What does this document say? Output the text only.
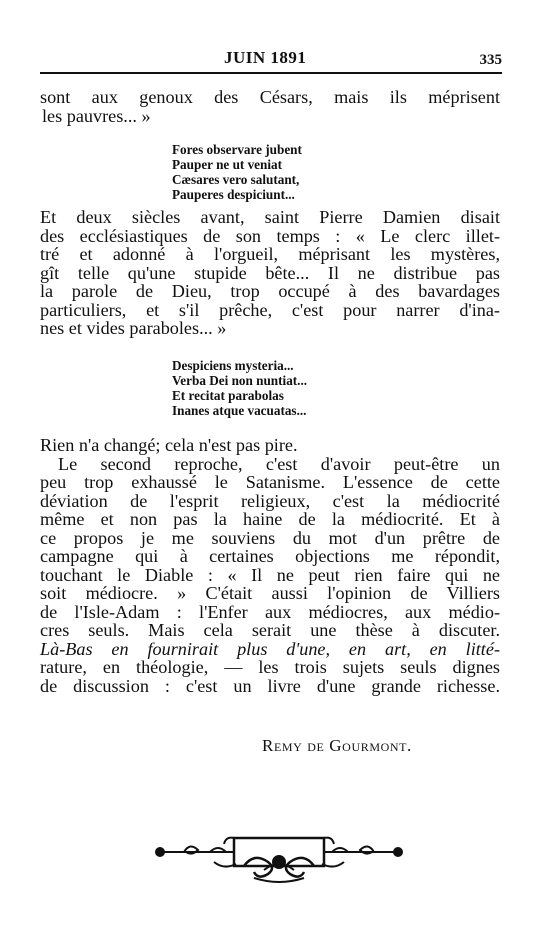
JUIN 1891	335

sont aux genoux des Césars, mais ils méprisent
les pauvres... »

Fores observare jubent
Pauper ne ut veniat
Cæsares vero salutant,
Pauperes despiciunt...

Et deux siècles avant, saint Pierre Damien disait
des ecclésiastiques de son temps : « Le clerc illet-
tré et adonné à l'orgueil, méprisant les mystères,
gît telle qu'une stupide bête... Il ne distribue pas
la parole de Dieu, trop occupé à des bavardages
particuliers, et s'il prêche, c'est pour narrer d'ina-
nes et vides paraboles... »

Despiciens mysteria...
Verba Dei non nuntiat...
Et recitat parabolas
Inanes atque vacuatas...

Rien n'a changé; cela n'est pas pire.
Le second reproche, c'est d'avoir peut-être un
peu trop exhaussé le Satanisme. L'essence de cette
déviation de l'esprit religieux, c'est la médiocrité
même et non pas la haine de la médiocrité. Et à
ce propos je me souviens du mot d'un prêtre de
campagne qui à certaines objections me répondit,
touchant le Diable : « Il ne peut rien faire qui ne
soit médiocre. » C'était aussi l'opinion de Villiers
de l'Isle-Adam : l'Enfer aux médiocres, aux médio-
cres seuls. Mais cela serait une thèse à discuter.
Là-Bas en fournirait plus d'une, en art, en litté-
rature, en théologie, — les trois sujets seuls dignes
de discussion : c'est un livre d'une grande richesse.

Remy de Gourmont.
